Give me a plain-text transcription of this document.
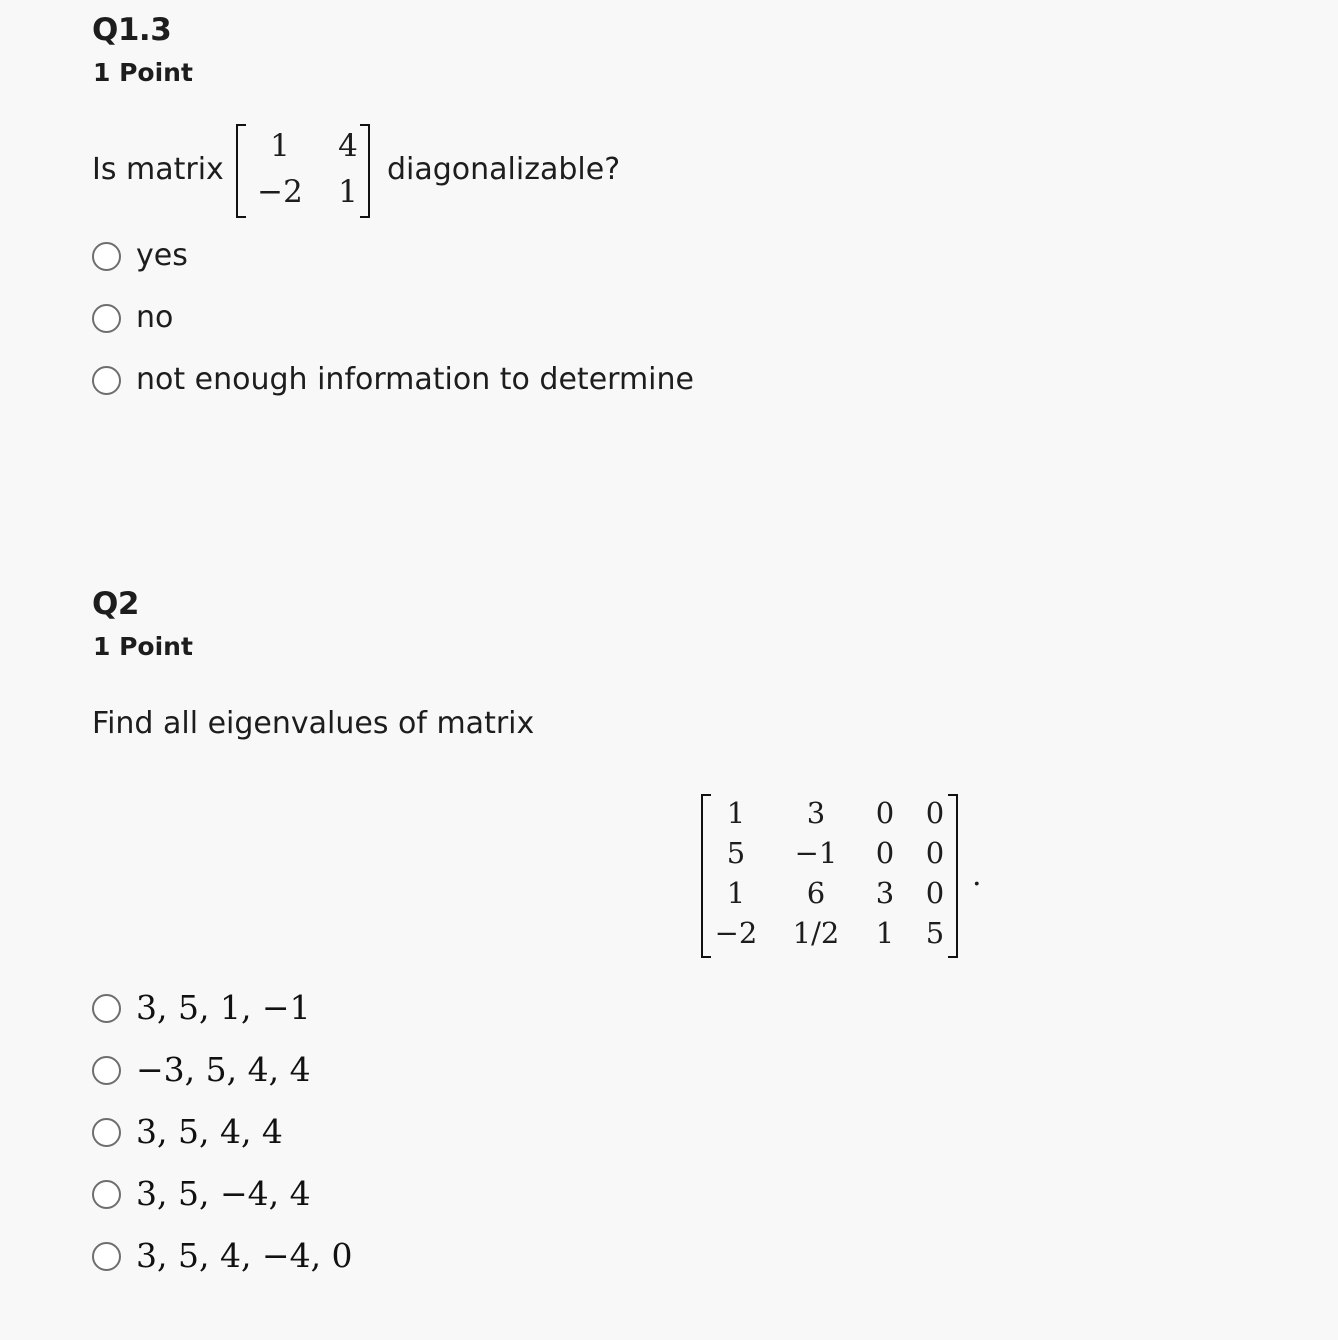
Q1.3
1 Point
Is matrix
1	4
−2	1
diagonalizable?
yes
no
not enough information to determine
Q2
1 Point
Find all eigenvalues of matrix
1	3	0 0
5	−1	0 0
1	6	3 0
−2 1/2 1 5
.
3, 5, 1, −1
−3, 5, 4, 4
3, 5, 4, 4
3, 5, −4, 4
3, 5, 4, −4, 0
